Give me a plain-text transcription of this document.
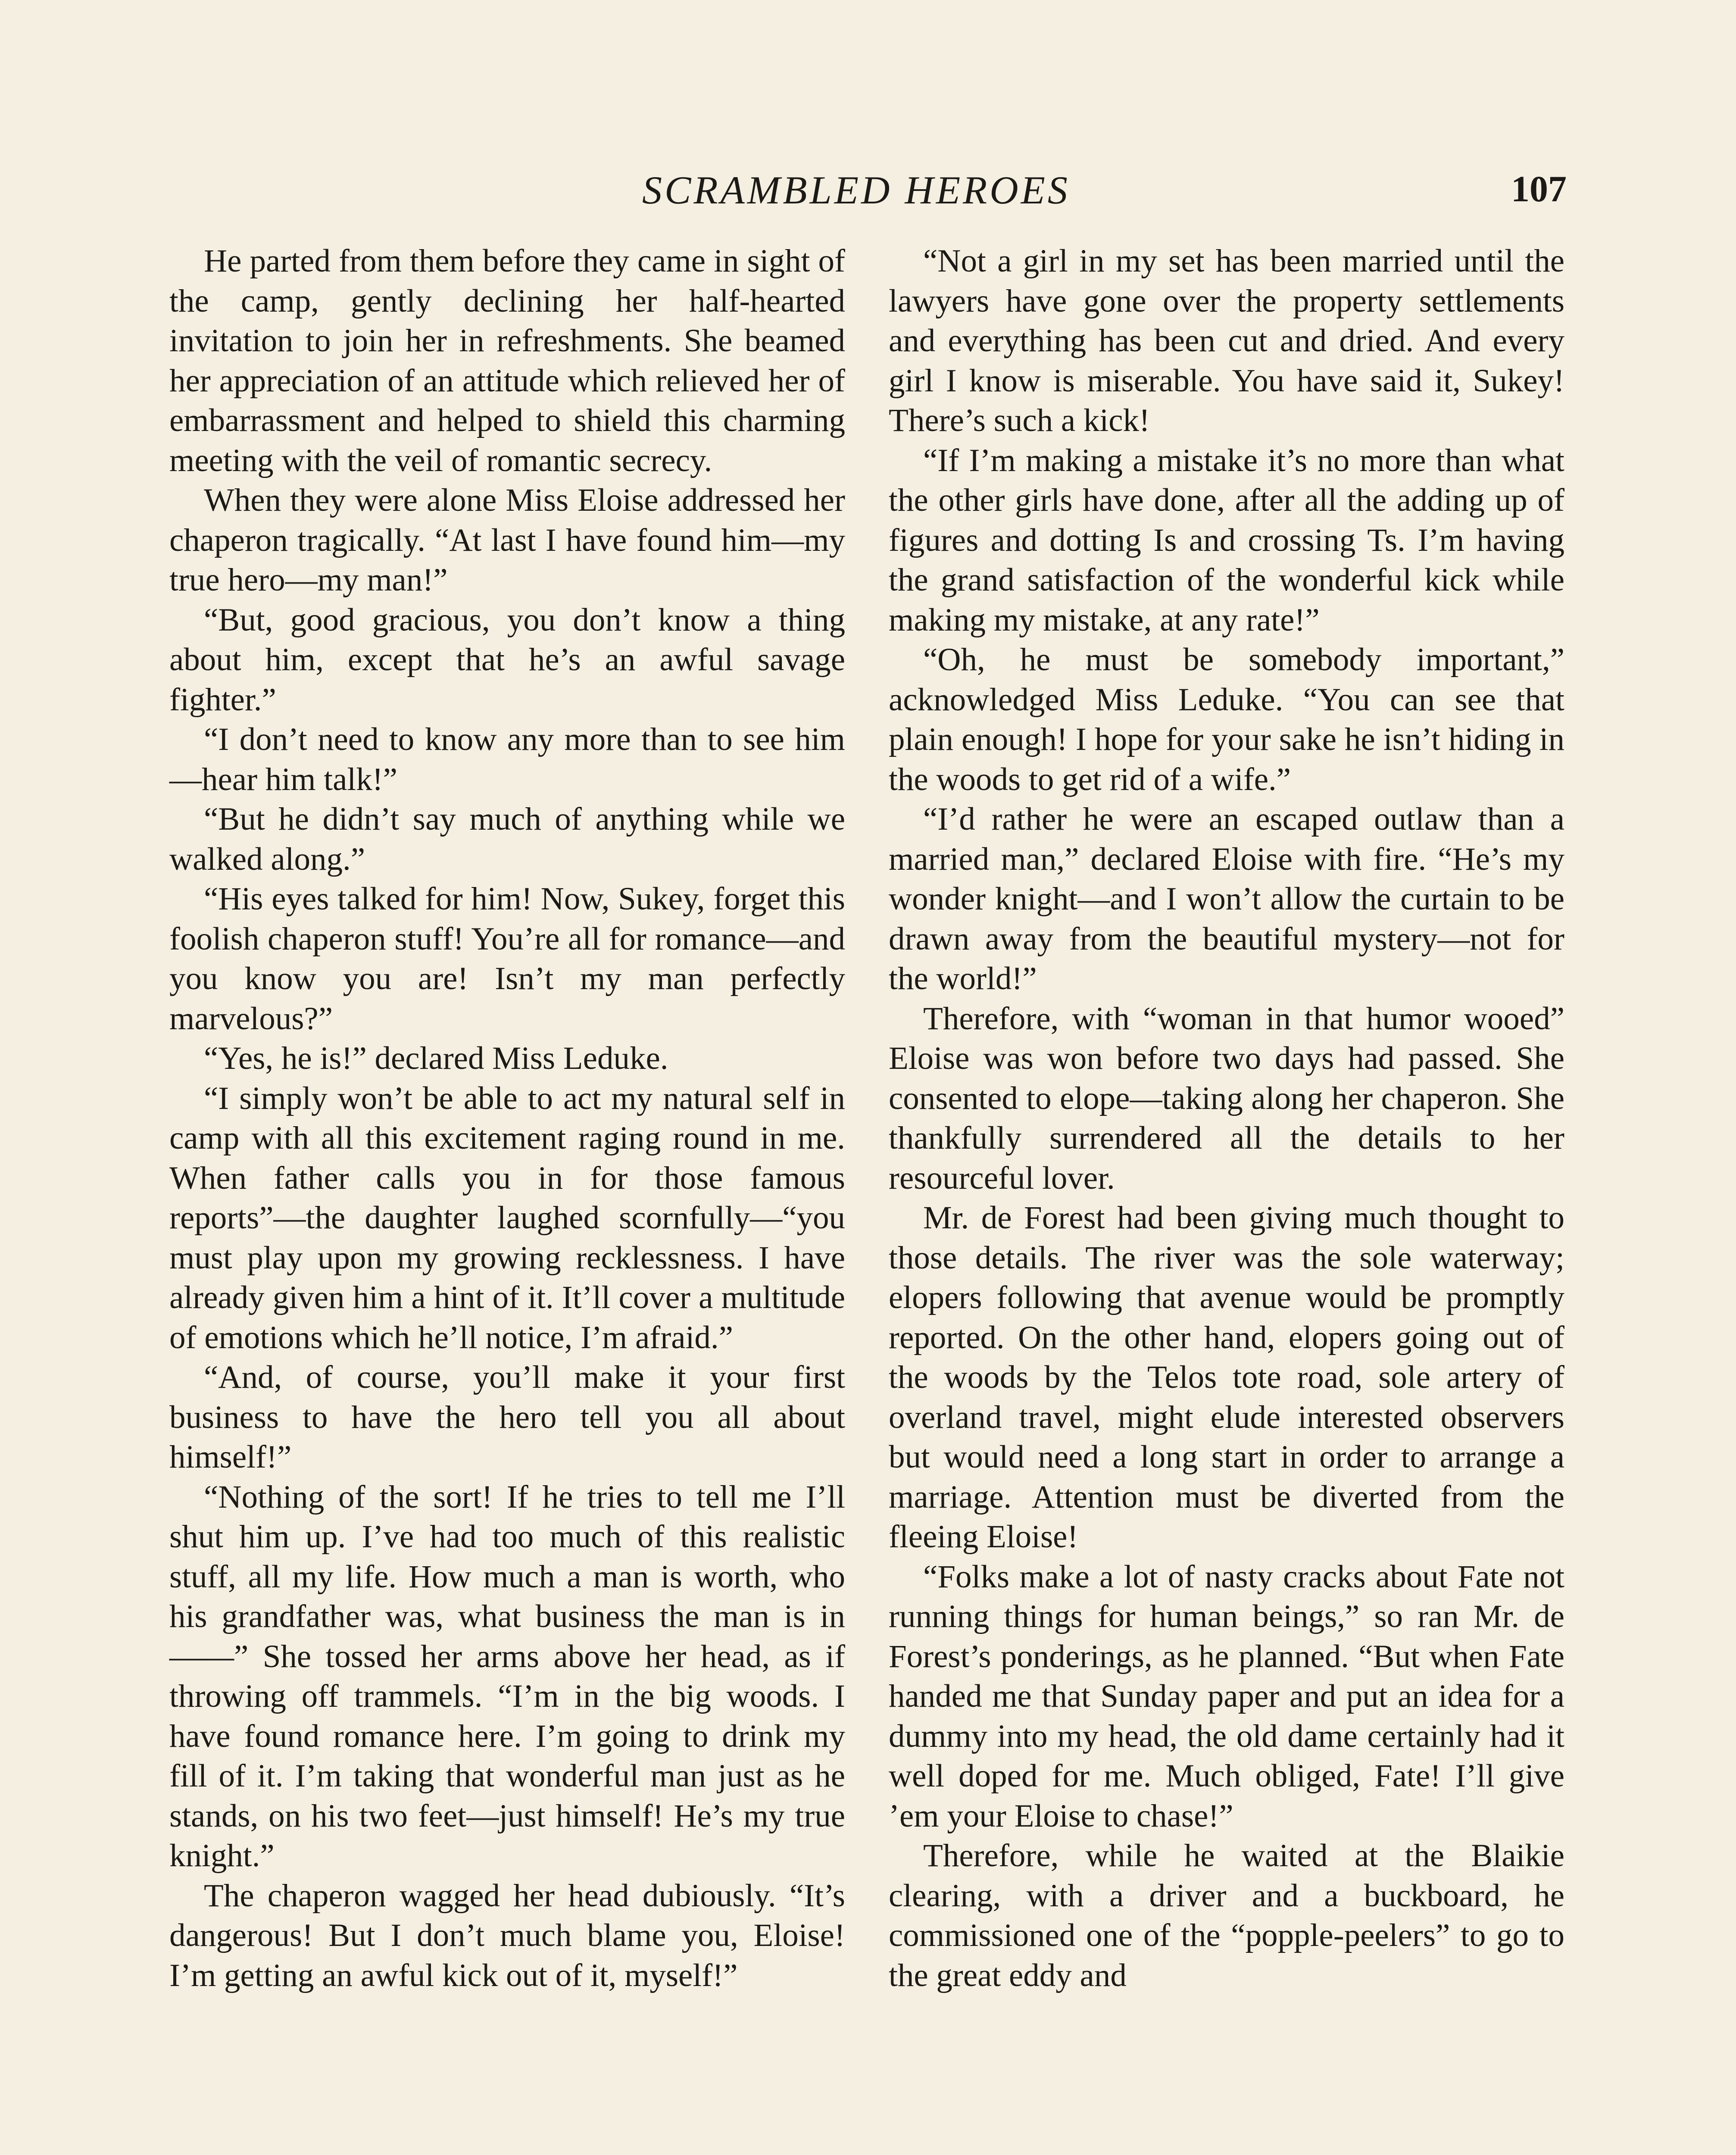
SCRAMBLED HEROES	107

He parted from them before they came in sight of the camp, gently declining her half-hearted invitation to join her in refreshments. She beamed her appreciation of an attitude which relieved her of embarrassment and helped to shield this charming meeting with the veil of romantic secrecy.

When they were alone Miss Eloise addressed her chaperon tragically. “At last I have found him—my true hero—my man!”

“But, good gracious, you don’t know a thing about him, except that he’s an awful savage fighter.”

“I don’t need to know any more than to see him—hear him talk!”

“But he didn’t say much of anything while we walked along.”

“His eyes talked for him! Now, Sukey, forget this foolish chaperon stuff! You’re all for romance—and you know you are! Isn’t my man perfectly marvelous?”

“Yes, he is!” declared Miss Leduke.

“I simply won’t be able to act my natural self in camp with all this excitement raging round in me. When father calls you in for those famous reports”—the daughter laughed scornfully—“you must play upon my growing recklessness. I have already given him a hint of it. It’ll cover a multitude of emotions which he’ll notice, I’m afraid.”

“And, of course, you’ll make it your first business to have the hero tell you all about himself!”

“Nothing of the sort! If he tries to tell me I’ll shut him up. I’ve had too much of this realistic stuff, all my life. How much a man is worth, who his grandfather was, what business the man is in ——” She tossed her arms above her head, as if throwing off trammels. “I’m in the big woods. I have found romance here. I’m going to drink my fill of it. I’m taking that wonderful man just as he stands, on his two feet—just himself! He’s my true knight.”

The chaperon wagged her head dubiously. “It’s dangerous! But I don’t much blame you, Eloise! I’m getting an awful kick out of it, myself!”

“Not a girl in my set has been married until the lawyers have gone over the property settlements and everything has been cut and dried. And every girl I know is miserable. You have said it, Sukey! There’s such a kick!

“If I’m making a mistake it’s no more than what the other girls have done, after all the adding up of figures and dotting Is and crossing Ts. I’m having the grand satisfaction of the wonderful kick while making my mistake, at any rate!”

“Oh, he must be somebody important,” acknowledged Miss Leduke. “You can see that plain enough! I hope for your sake he isn’t hiding in the woods to get rid of a wife.”

“I’d rather he were an escaped outlaw than a married man,” declared Eloise with fire. “He’s my wonder knight—and I won’t allow the curtain to be drawn away from the beautiful mystery—not for the world!”

Therefore, with “woman in that humor wooed” Eloise was won before two days had passed. She consented to elope—taking along her chaperon. She thankfully surrendered all the details to her resourceful lover.

Mr. de Forest had been giving much thought to those details. The river was the sole waterway; elopers following that avenue would be promptly reported. On the other hand, elopers going out of the woods by the Telos tote road, sole artery of overland travel, might elude interested observers but would need a long start in order to arrange a marriage. Attention must be diverted from the fleeing Eloise!

“Folks make a lot of nasty cracks about Fate not running things for human beings,” so ran Mr. de Forest’s ponderings, as he planned. “But when Fate handed me that Sunday paper and put an idea for a dummy into my head, the old dame certainly had it well doped for me. Much obliged, Fate! I’ll give ’em your Eloise to chase!”

Therefore, while he waited at the Blaikie clearing, with a driver and a buckboard, he commissioned one of the “popple-peelers” to go to the great eddy and
